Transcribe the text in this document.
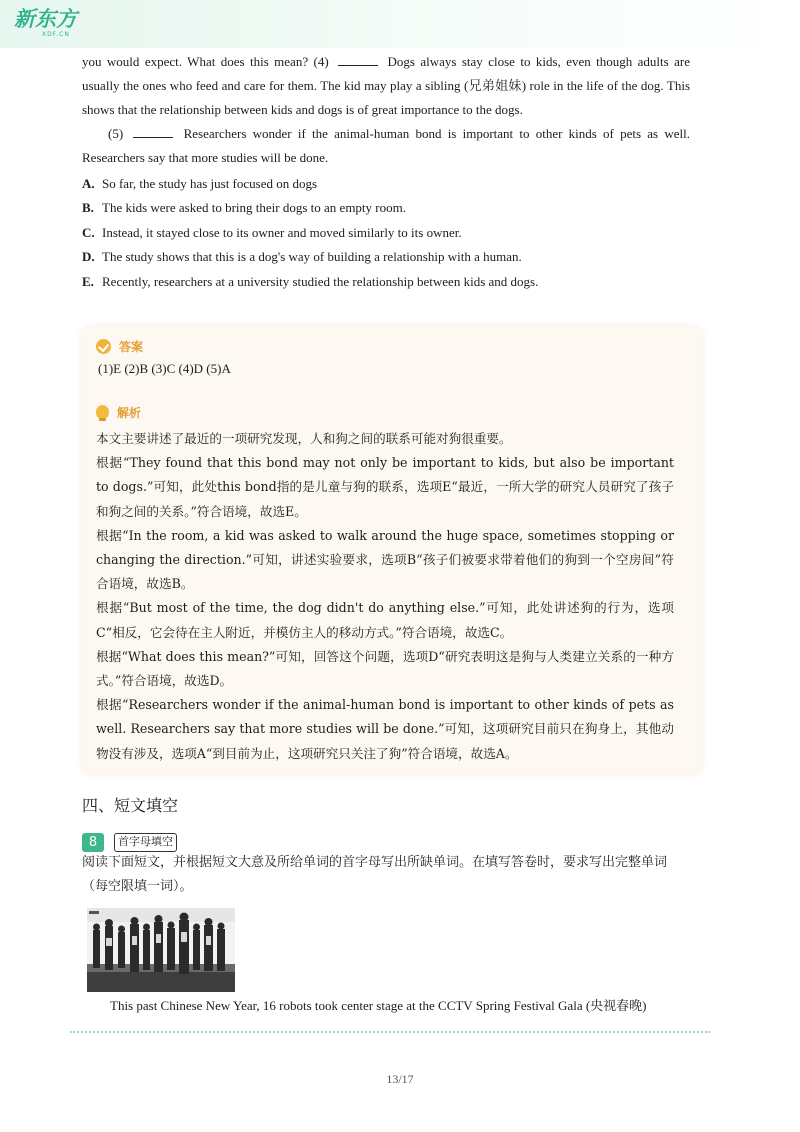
新东方
XDF.CN

you would expect. What does this mean? (4)	Dogs always stay close to kids, even though adults are usually the ones who feed and care for them. The kid may play a sibling (兄弟姐妹) role in the life of the dog. This shows that the relationship between kids and dogs is of great importance to the dogs.

(5)	Researchers wonder if the animal-human bond is important to other kinds of pets as well. Researchers say that more studies will be done.

A. So far, the study has just focused on dogs
B. The kids were asked to bring their dogs to an empty room.
C. Instead, it stayed close to its owner and moved similarly to its owner.
D. The study shows that this is a dog's way of building a relationship with a human.
E. Recently, researchers at a university studied the relationship between kids and dogs.
答案

(1)E (2)B (3)C (4)D (5)A

解析

本文主要讲述了最近的一项研究发现，人和狗之间的联系可能对狗很重要。

根据“They found that this bond may not only be important to kids, but also be important to dogs.”可知，此处this bond指的是儿童与狗的联系，选项E“最近，一所大学的研究人员研究了孩子和狗之间的关系。”符合语境，故选E。

根据“In the room, a kid was asked to walk around the huge space, sometimes stopping or changing the direction.”可知，讲述实验要求，选项B“孩子们被要求带着他们的狗到一个空房间”符合语境，故选B。

根据“But most of the time, the dog didn't do anything else.”可知，此处讲述狗的行为，选项C“相反，它会待在主人附近，并模仿主人的移动方式。”符合语境，故选C。

根据“What does this mean?”可知，回答这个问题，选项D“研究表明这是狗与人类建立关系的一种方式。”符合语境，故选D。

根据“Researchers wonder if the animal-human bond is important to other kinds of pets as well. Researchers say that more studies will be done.”可知，这项研究目前只在狗身上，其他动物没有涉及，选项A“到目前为止，这项研究只关注了狗”符合语境，故选A。

四、短文填空
8	首字母填空

阅读下面短文，并根据短文大意及所给单词的首字母写出所缺单词。在填写答卷时，要求写出完整单词（每空限填一词）。

This past Chinese New Year, 16 robots took center stage at the CCTV Spring Festival Gala (央视春晚)

13/17
